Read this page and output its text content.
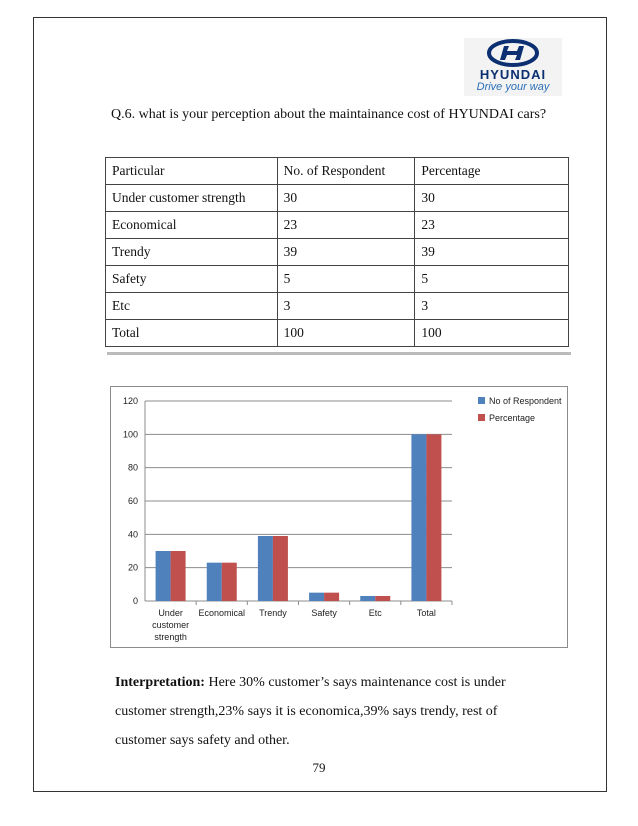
HYUNDAI
Drive your way
Q.6. what is your perception about the maintainance cost of HYUNDAI cars?
Particular	No. of Respondent	Percentage
Under customer strength	30	30
Economical	23	23
Trendy	39	39
Safety	5	5
Etc	3	3
Total	100	100
0
20
40
60
80
100
120
Under
customer
strength
Economical Trendy	Safety	Etc	Total
No of Respondent
Percentage
Interpretation: Here 30% customer’s says maintenance cost is under customer strength,23% says it is economica,39% says trendy, rest of customer says safety and other.
79
